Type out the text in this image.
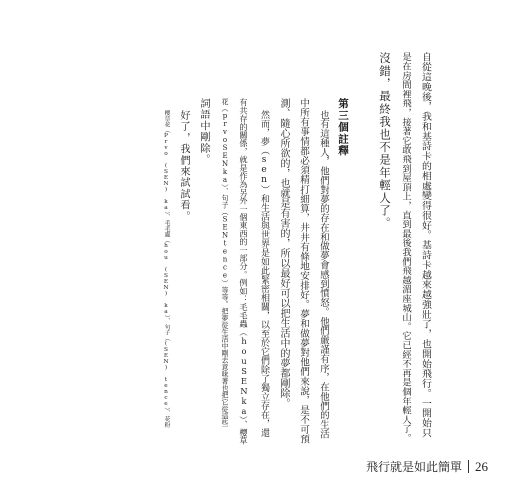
自從這晚後，我和基詩卡的相處變得很好。基詩卡越來越強壯了，也開始飛行。一開始只
是在房間裡飛，接著它敢飛到屋頂上，直到最後我們飛越湄座城山。它已經不再是個年輕人了。
沒錯，最終我也不是年輕人了。
第三個註釋
也有這種人，他們對夢的存在和做夢會感到憤怒。他們嚴謹有序，在他們的生活
中所有事情都必須精打細算，井井有條地安排好。夢和做夢對他們來說，是不可預
測、隨心所欲的，也就是有害的，所以最好可以把生活中的夢都剛除。
然而，夢（sen）和生活與世界是如此緊密相關，以至於它們除了獨立存在，還
有共存的關係，就是作為另外一個東西的一部分。例如：毛毛蟲（houSENka）、櫻草
花（prvoSENka）、句子（SENtence）等等。把夢從生活中剛去意味著也把它從這些
詞語中剛除。
好了，我們來試試看。
櫻草花（Prvo (SEN) ka）、毛毛蟲（hou (SEN) ka）、句子（(SEN) tence）、花粉
飛行就是如此簡單 26
